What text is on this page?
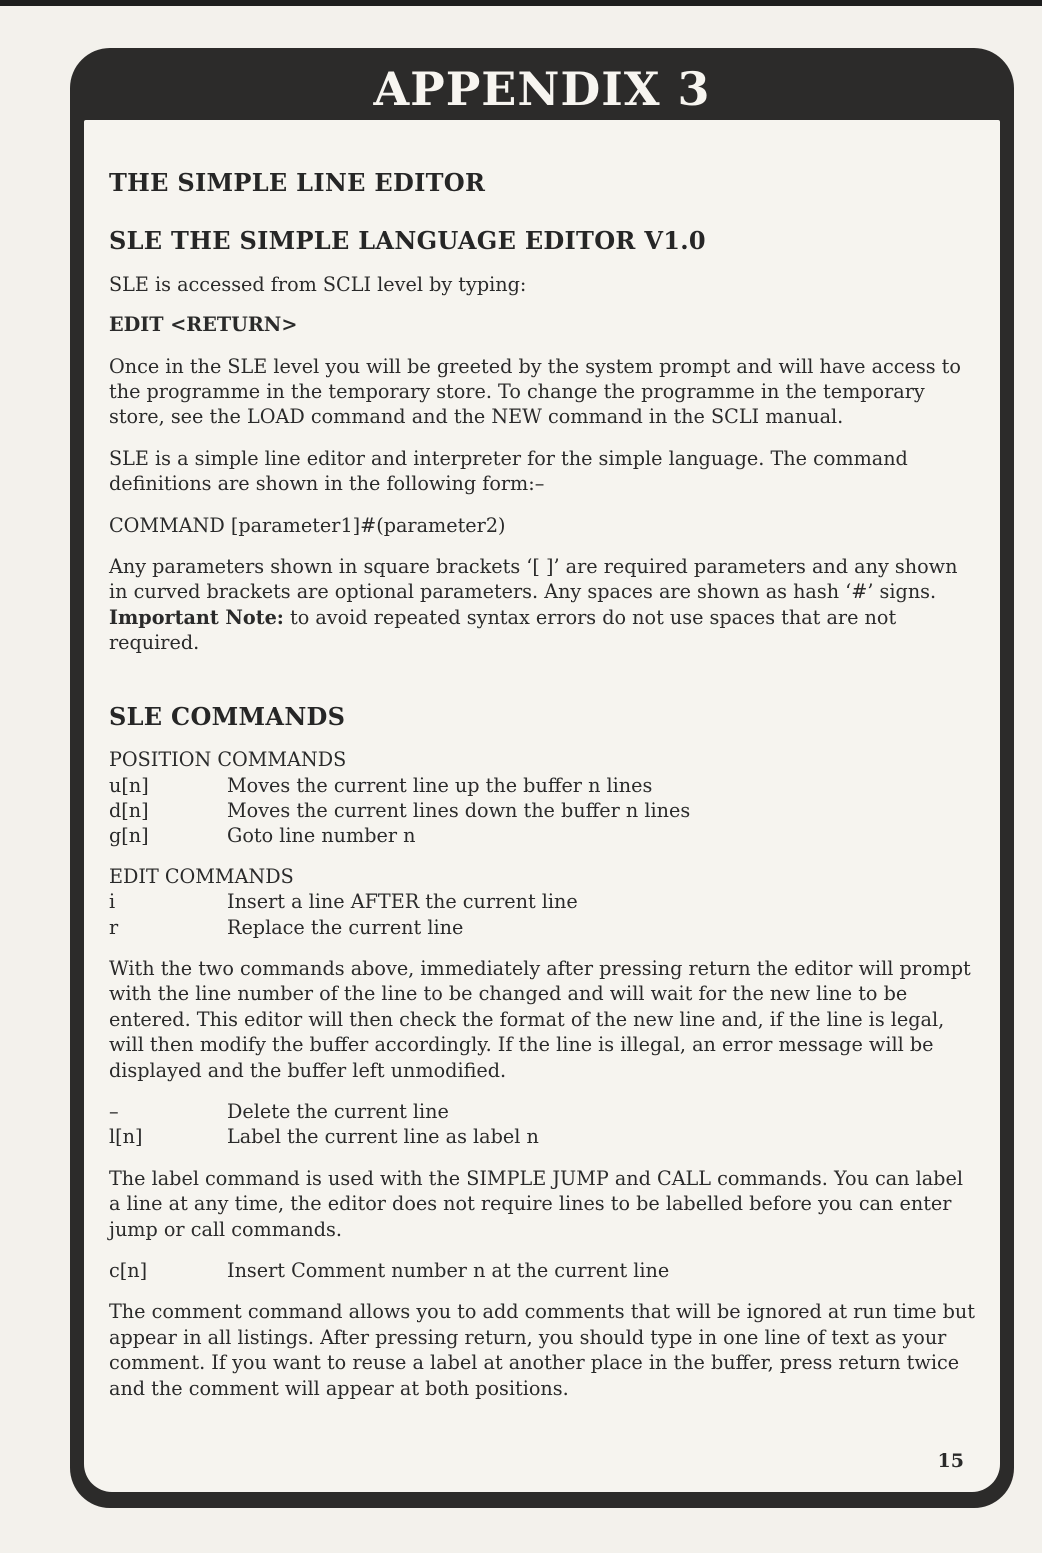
APPENDIX 3
THE SIMPLE LINE EDITOR
SLE THE SIMPLE LANGUAGE EDITOR V1.0

SLE is accessed from SCLI level by typing:

EDIT <RETURN>

Once in the SLE level you will be greeted by the system prompt and will have access to the programme in the temporary store. To change the programme in the temporary store, see the LOAD command and the NEW command in the SCLI manual.

SLE is a simple line editor and interpreter for the simple language. The command definitions are shown in the following form:–

COMMAND [parameter1]#(parameter2)

Any parameters shown in square brackets ‘[ ]’ are required parameters and any shown in curved brackets are optional parameters. Any spaces are shown as hash ‘#’ signs. Important Note: to avoid repeated syntax errors do not use spaces that are not required.

SLE COMMANDS

POSITION COMMANDS

u[n]	Moves the current line up the buffer n lines
d[n]	Moves the current lines down the buffer n lines
g[n]	Goto line number n

EDIT COMMANDS

i	Insert a line AFTER the current line
r	Replace the current line

With the two commands above, immediately after pressing return the editor will prompt with the line number of the line to be changed and will wait for the new line to be entered. This editor will then check the format of the new line and, if the line is legal, will then modify the buffer accordingly. If the line is illegal, an error message will be displayed and the buffer left unmodified.

–	Delete the current line
l[n]	Label the current line as label n

The label command is used with the SIMPLE JUMP and CALL commands. You can label a line at any time, the editor does not require lines to be labelled before you can enter jump or call commands.

c[n]	Insert Comment number n at the current line

The comment command allows you to add comments that will be ignored at run time but appear in all listings. After pressing return, you should type in one line of text as your comment. If you want to reuse a label at another place in the buffer, press return twice and the comment will appear at both positions.

15
